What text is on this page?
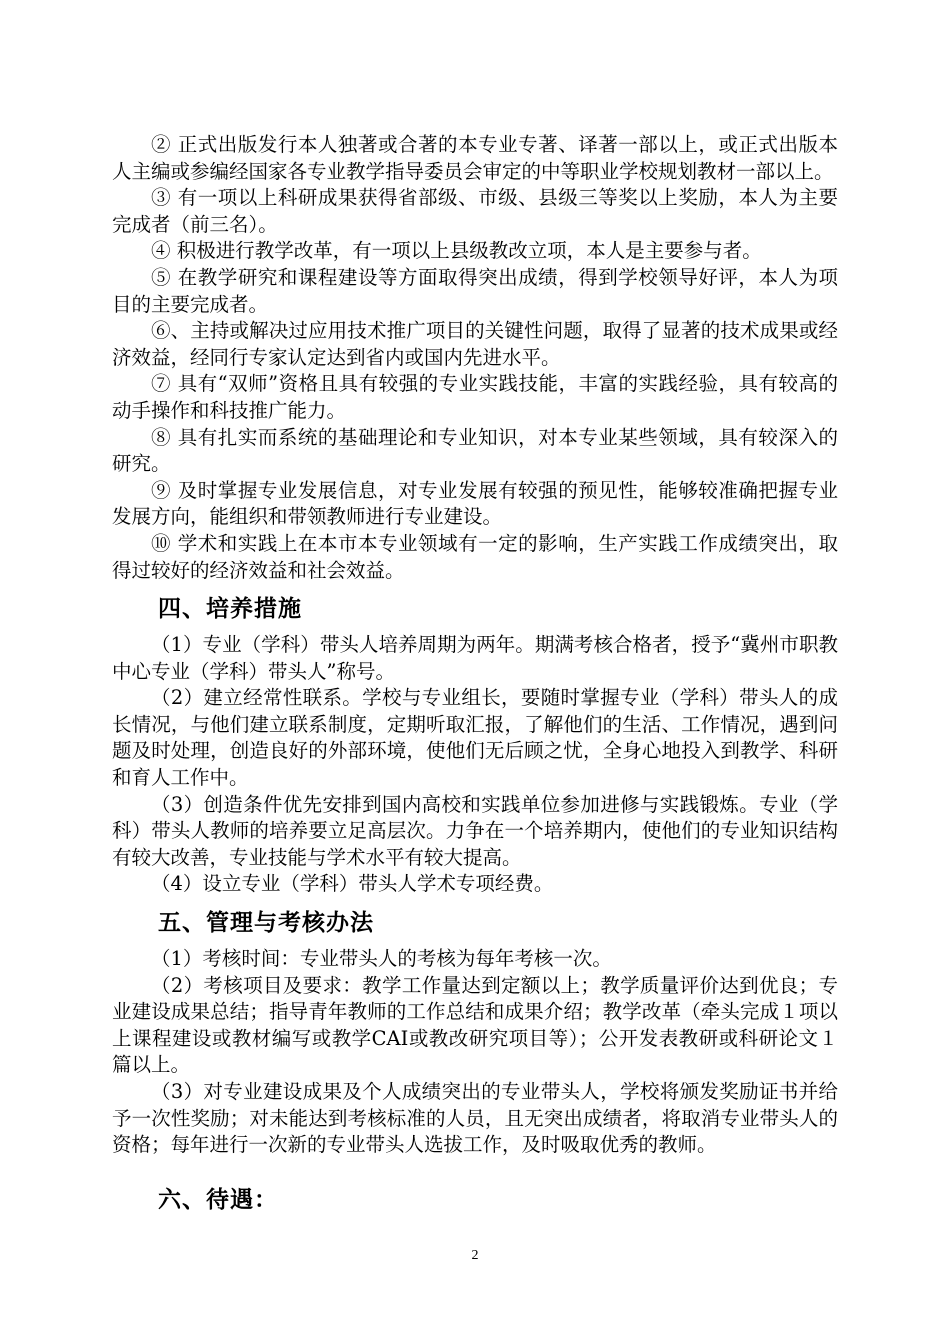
② 正式出版发行本人独著或合著的本专业专著、译著一部以上，或正式出版本人主编或参编经国家各专业教学指导委员会审定的中等职业学校规划教材一部以上。

③ 有一项以上科研成果获得省部级、市级、县级三等奖以上奖励，本人为主要完成者（前三名）。

④ 积极进行教学改革，有一项以上县级教改立项，本人是主要参与者。

⑤ 在教学研究和课程建设等方面取得突出成绩，得到学校领导好评，本人为项目的主要完成者。

⑥、主持或解决过应用技术推广项目的关键性问题，取得了显著的技术成果或经济效益，经同行专家认定达到省内或国内先进水平。

⑦ 具有“双师”资格且具有较强的专业实践技能，丰富的实践经验，具有较高的动手操作和科技推广能力。

⑧ 具有扎实而系统的基础理论和专业知识，对本专业某些领域，具有较深入的研究。

⑨ 及时掌握专业发展信息，对专业发展有较强的预见性，能够较准确把握专业发展方向，能组织和带领教师进行专业建设。

⑩ 学术和实践上在本市本专业领域有一定的影响，生产实践工作成绩突出，取得过较好的经济效益和社会效益。

四、培养措施

（1）专业（学科）带头人培养周期为两年。期满考核合格者，授予“冀州市职教中心专业（学科）带头人”称号。

（2）建立经常性联系。学校与专业组长，要随时掌握专业（学科）带头人的成长情况，与他们建立联系制度，定期听取汇报，了解他们的生活、工作情况，遇到问题及时处理，创造良好的外部环境，使他们无后顾之忧，全身心地投入到教学、科研和育人工作中。

（3）创造条件优先安排到国内高校和实践单位参加进修与实践锻炼。专业（学科）带头人教师的培养要立足高层次。力争在一个培养期内，使他们的专业知识结构有较大改善，专业技能与学术水平有较大提高。

（4）设立专业（学科）带头人学术专项经费。

五、管理与考核办法

（1）考核时间：专业带头人的考核为每年考核一次。

（2）考核项目及要求：教学工作量达到定额以上；教学质量评价达到优良；专业建设成果总结；指导青年教师的工作总结和成果介绍；教学改革（牵头完成１项以上课程建设或教材编写或教学CAI或教改研究项目等）；公开发表教研或科研论文１篇以上。

（3）对专业建设成果及个人成绩突出的专业带头人，学校将颁发奖励证书并给予一次性奖励；对未能达到考核标准的人员，且无突出成绩者，将取消专业带头人的资格；每年进行一次新的专业带头人选拔工作，及时吸取优秀的教师。

六、待遇：
2
